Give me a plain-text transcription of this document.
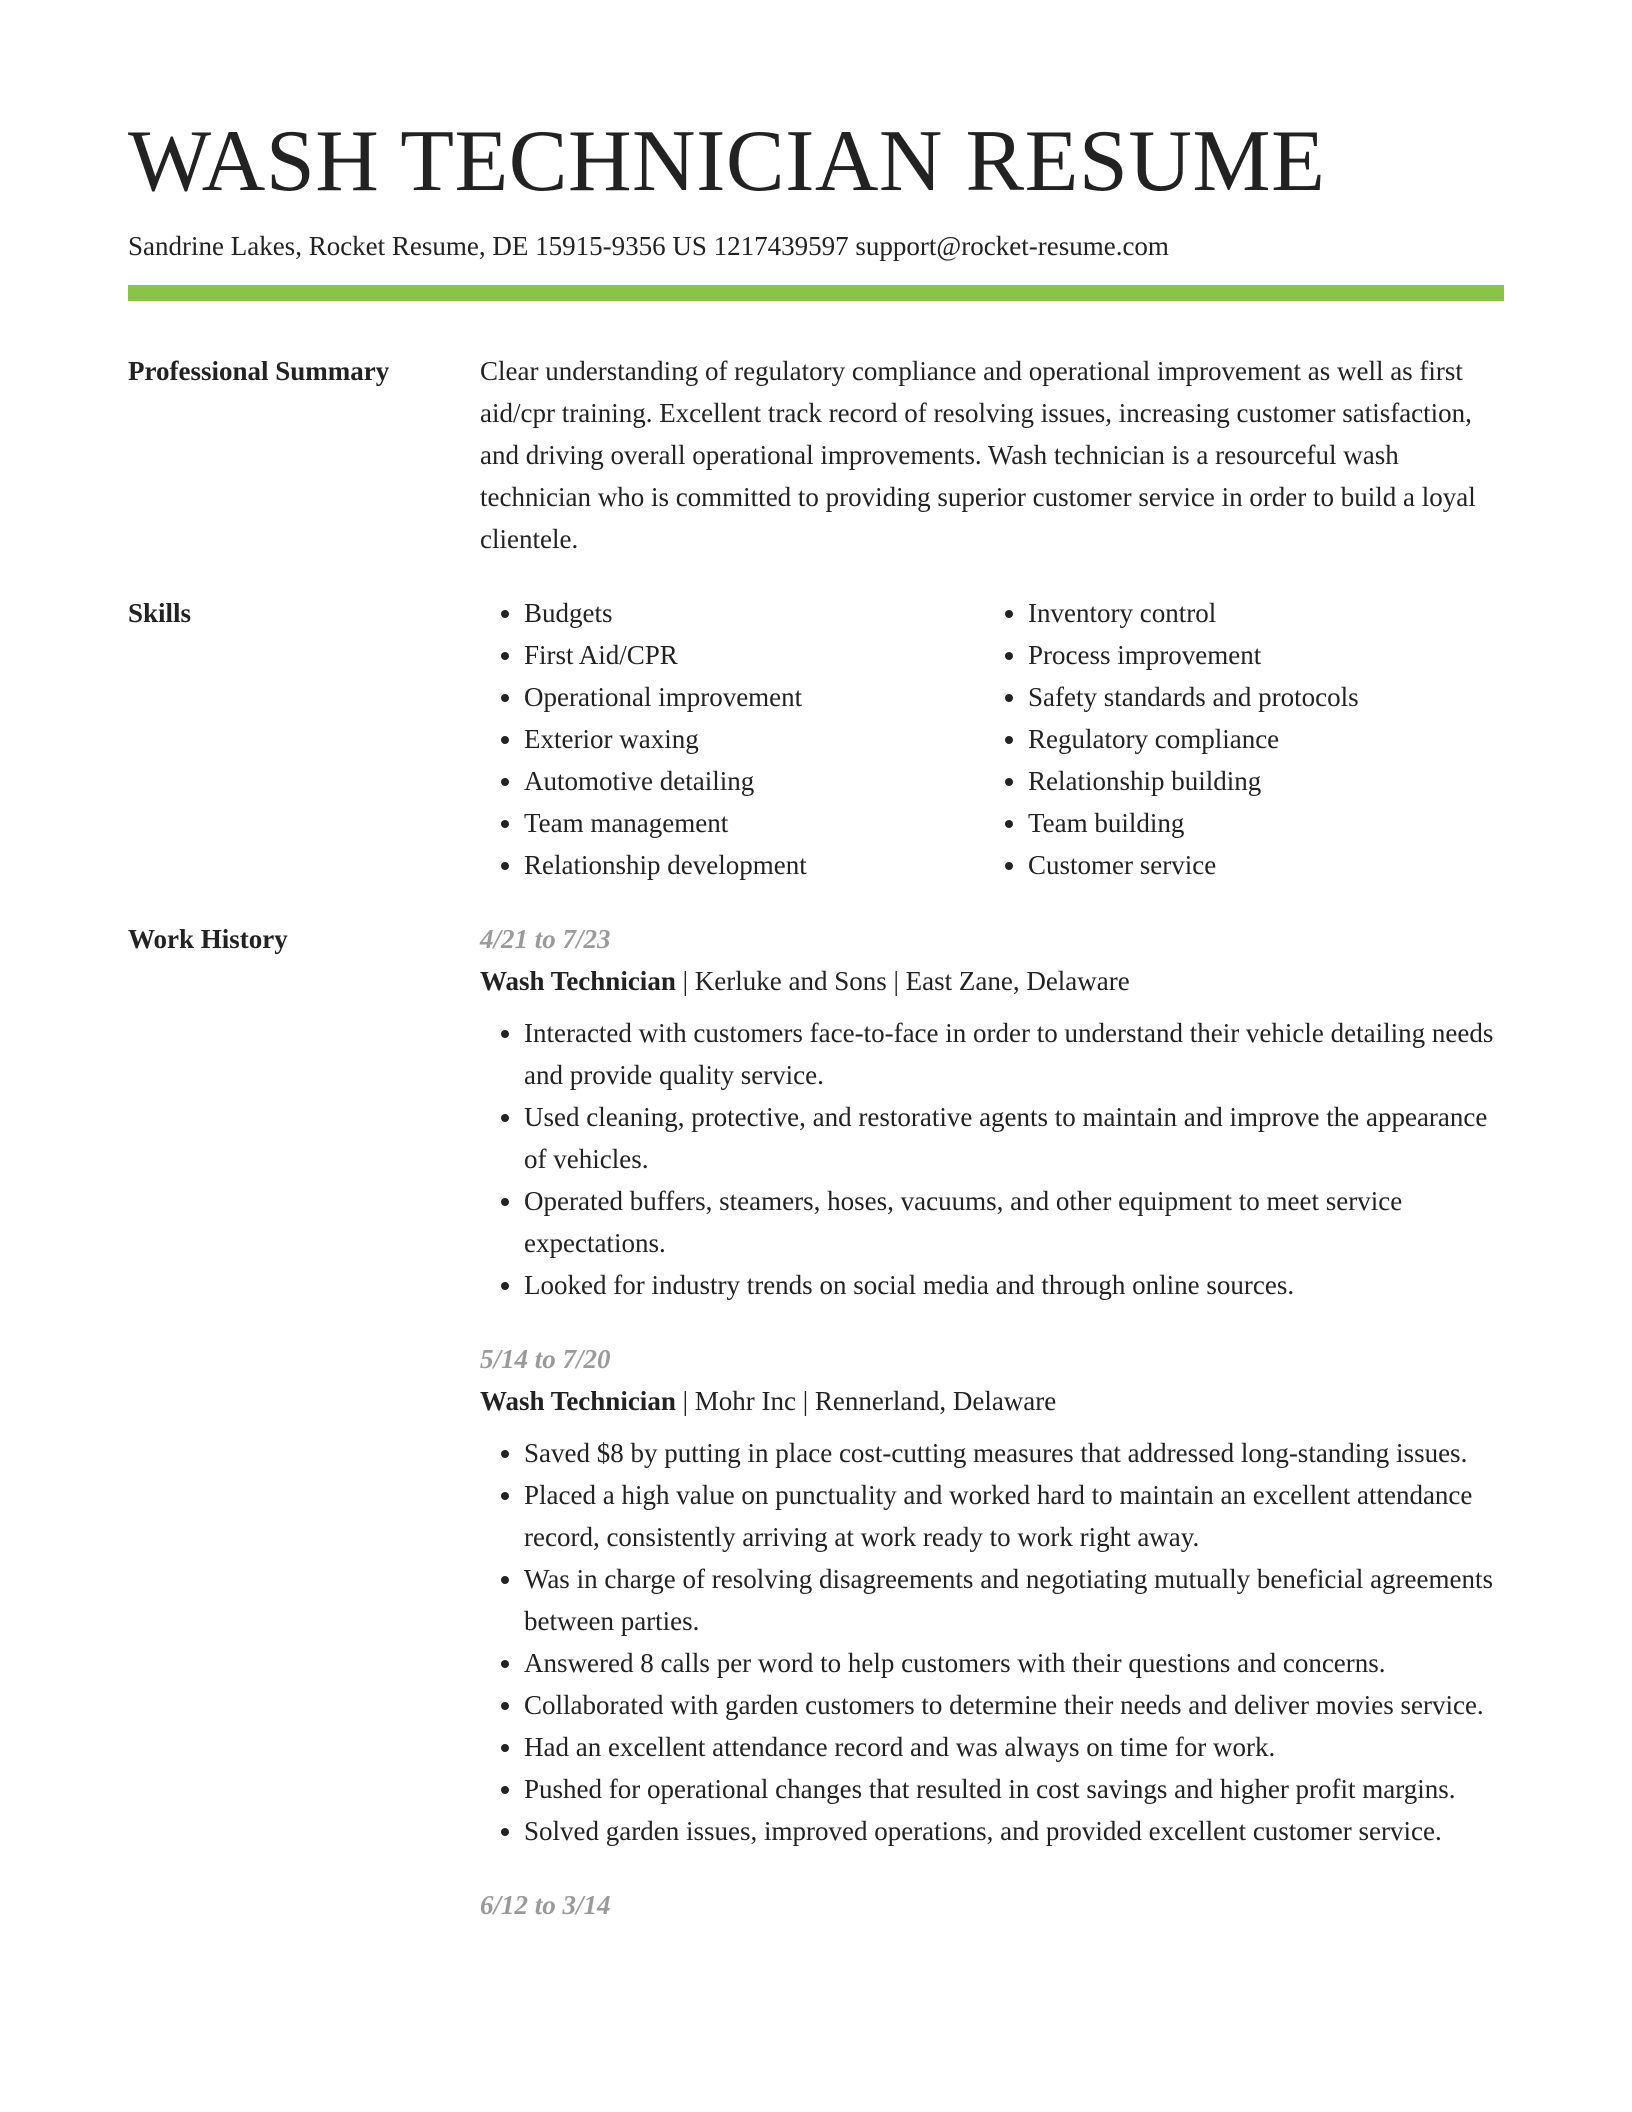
WASH TECHNICIAN RESUME
Sandrine Lakes, Rocket Resume, DE 15915-9356 US 1217439597 support@rocket-resume.com
Professional Summary	Clear understanding of regulatory compliance and operational improvement as well as first aid/cpr training. Excellent track record of resolving issues, increasing customer satisfaction, and driving overall operational improvements. Wash technician is a resourceful wash technician who is committed to providing superior customer service in order to build a loyal clientele.

Skills
•	Budgets
• First Aid/CPR
• Operational improvement
• Exterior waxing
• Automotive detailing
• Team management
• Relationship development
• Inventory control
• Process improvement
• Safety standards and protocols
• Regulatory compliance
• Relationship building
• Team building
• Customer service
Work History	4/21 to 7/23
Wash Technician | Kerluke and Sons | East Zane, Delaware
• Interacted with customers face-to-face in order to understand their vehicle detailing needs and provide quality service.
• Used cleaning, protective, and restorative agents to maintain and improve the appearance of vehicles.
• Operated buffers, steamers, hoses, vacuums, and other equipment to meet service expectations.
• Looked for industry trends on social media and through online sources.
5/14 to 7/20
Wash Technician | Mohr Inc | Rennerland, Delaware
• Saved $8 by putting in place cost-cutting measures that addressed long-standing issues.
• Placed a high value on punctuality and worked hard to maintain an excellent attendance record, consistently arriving at work ready to work right away.
• Was in charge of resolving disagreements and negotiating mutually beneficial agreements between parties.
• Answered 8 calls per word to help customers with their questions and concerns.
• Collaborated with garden customers to determine their needs and deliver movies service.
• Had an excellent attendance record and was always on time for work.
• Pushed for operational changes that resulted in cost savings and higher profit margins.
• Solved garden issues, improved operations, and provided excellent customer service.
6/12 to 3/14
